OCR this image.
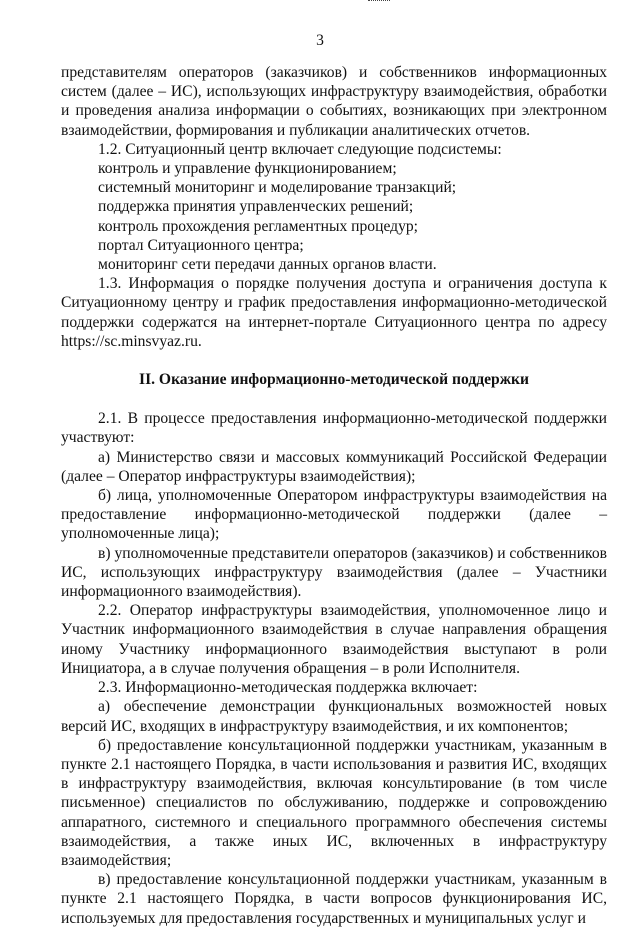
3

представителям операторов (заказчиков) и собственников информационных систем (далее – ИС), использующих инфраструктуру взаимодействия, обработки и проведения анализа информации о событиях, возникающих при электронном взаимодействии, формирования и публикации аналитических отчетов.

1.2. Ситуационный центр включает следующие подсистемы:

контроль и управление функционированием;

системный мониторинг и моделирование транзакций;

поддержка принятия управленческих решений;

контроль прохождения регламентных процедур;

портал Ситуационного центра;

мониторинг сети передачи данных органов власти.

1.3. Информация о порядке получения доступа и ограничения доступа к Ситуационному центру и график предоставления информационно-методической поддержки содержатся на интернет-портале Ситуационного центра по адресу https://sc.minsvyaz.ru.

II. Оказание информационно-методической поддержки

2.1. В процессе предоставления информационно-методической поддержки участвуют:

а) Министерство связи и массовых коммуникаций Российской Федерации (далее – Оператор инфраструктуры взаимодействия);

б) лица, уполномоченные Оператором инфраструктуры взаимодействия на предоставление информационно-методической поддержки (далее – уполномоченные лица);

в) уполномоченные представители операторов (заказчиков) и собственников ИС, использующих инфраструктуру взаимодействия (далее – Участники информационного взаимодействия).

2.2. Оператор инфраструктуры взаимодействия, уполномоченное лицо и Участник информационного взаимодействия в случае направления обращения иному Участнику информационного взаимодействия выступают в роли Инициатора, а в случае получения обращения – в роли Исполнителя.

2.3. Информационно-методическая поддержка включает:

а) обеспечение демонстрации функциональных возможностей новых версий ИС, входящих в инфраструктуру взаимодействия, и их компонентов;

б) предоставление консультационной поддержки участникам, указанным в пункте 2.1 настоящего Порядка, в части использования и развития ИС, входящих в инфраструктуру взаимодействия, включая консультирование (в том числе письменное) специалистов по обслуживанию, поддержке и сопровождению аппаратного, системного и специального программного обеспечения системы взаимодействия, а также иных ИС, включенных в инфраструктуру взаимодействия;

в) предоставление консультационной поддержки участникам, указанным в пункте 2.1 настоящего Порядка, в части вопросов функционирования ИС, используемых для предоставления государственных и муниципальных услуг и
